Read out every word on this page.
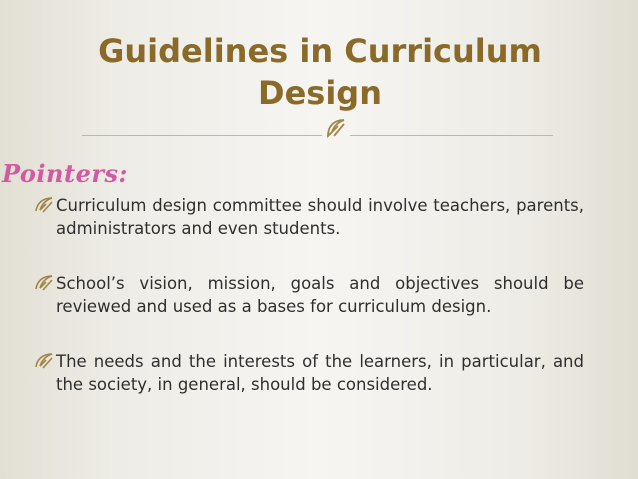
Guidelines in Curriculum Design
Pointers:
Curriculum design committee should involve teachers, parents, administrators and even students.
School’s vision, mission, goals and objectives should be reviewed and used as a bases for curriculum design.
The needs and the interests of the learners, in particular, and the society, in general, should be considered.
